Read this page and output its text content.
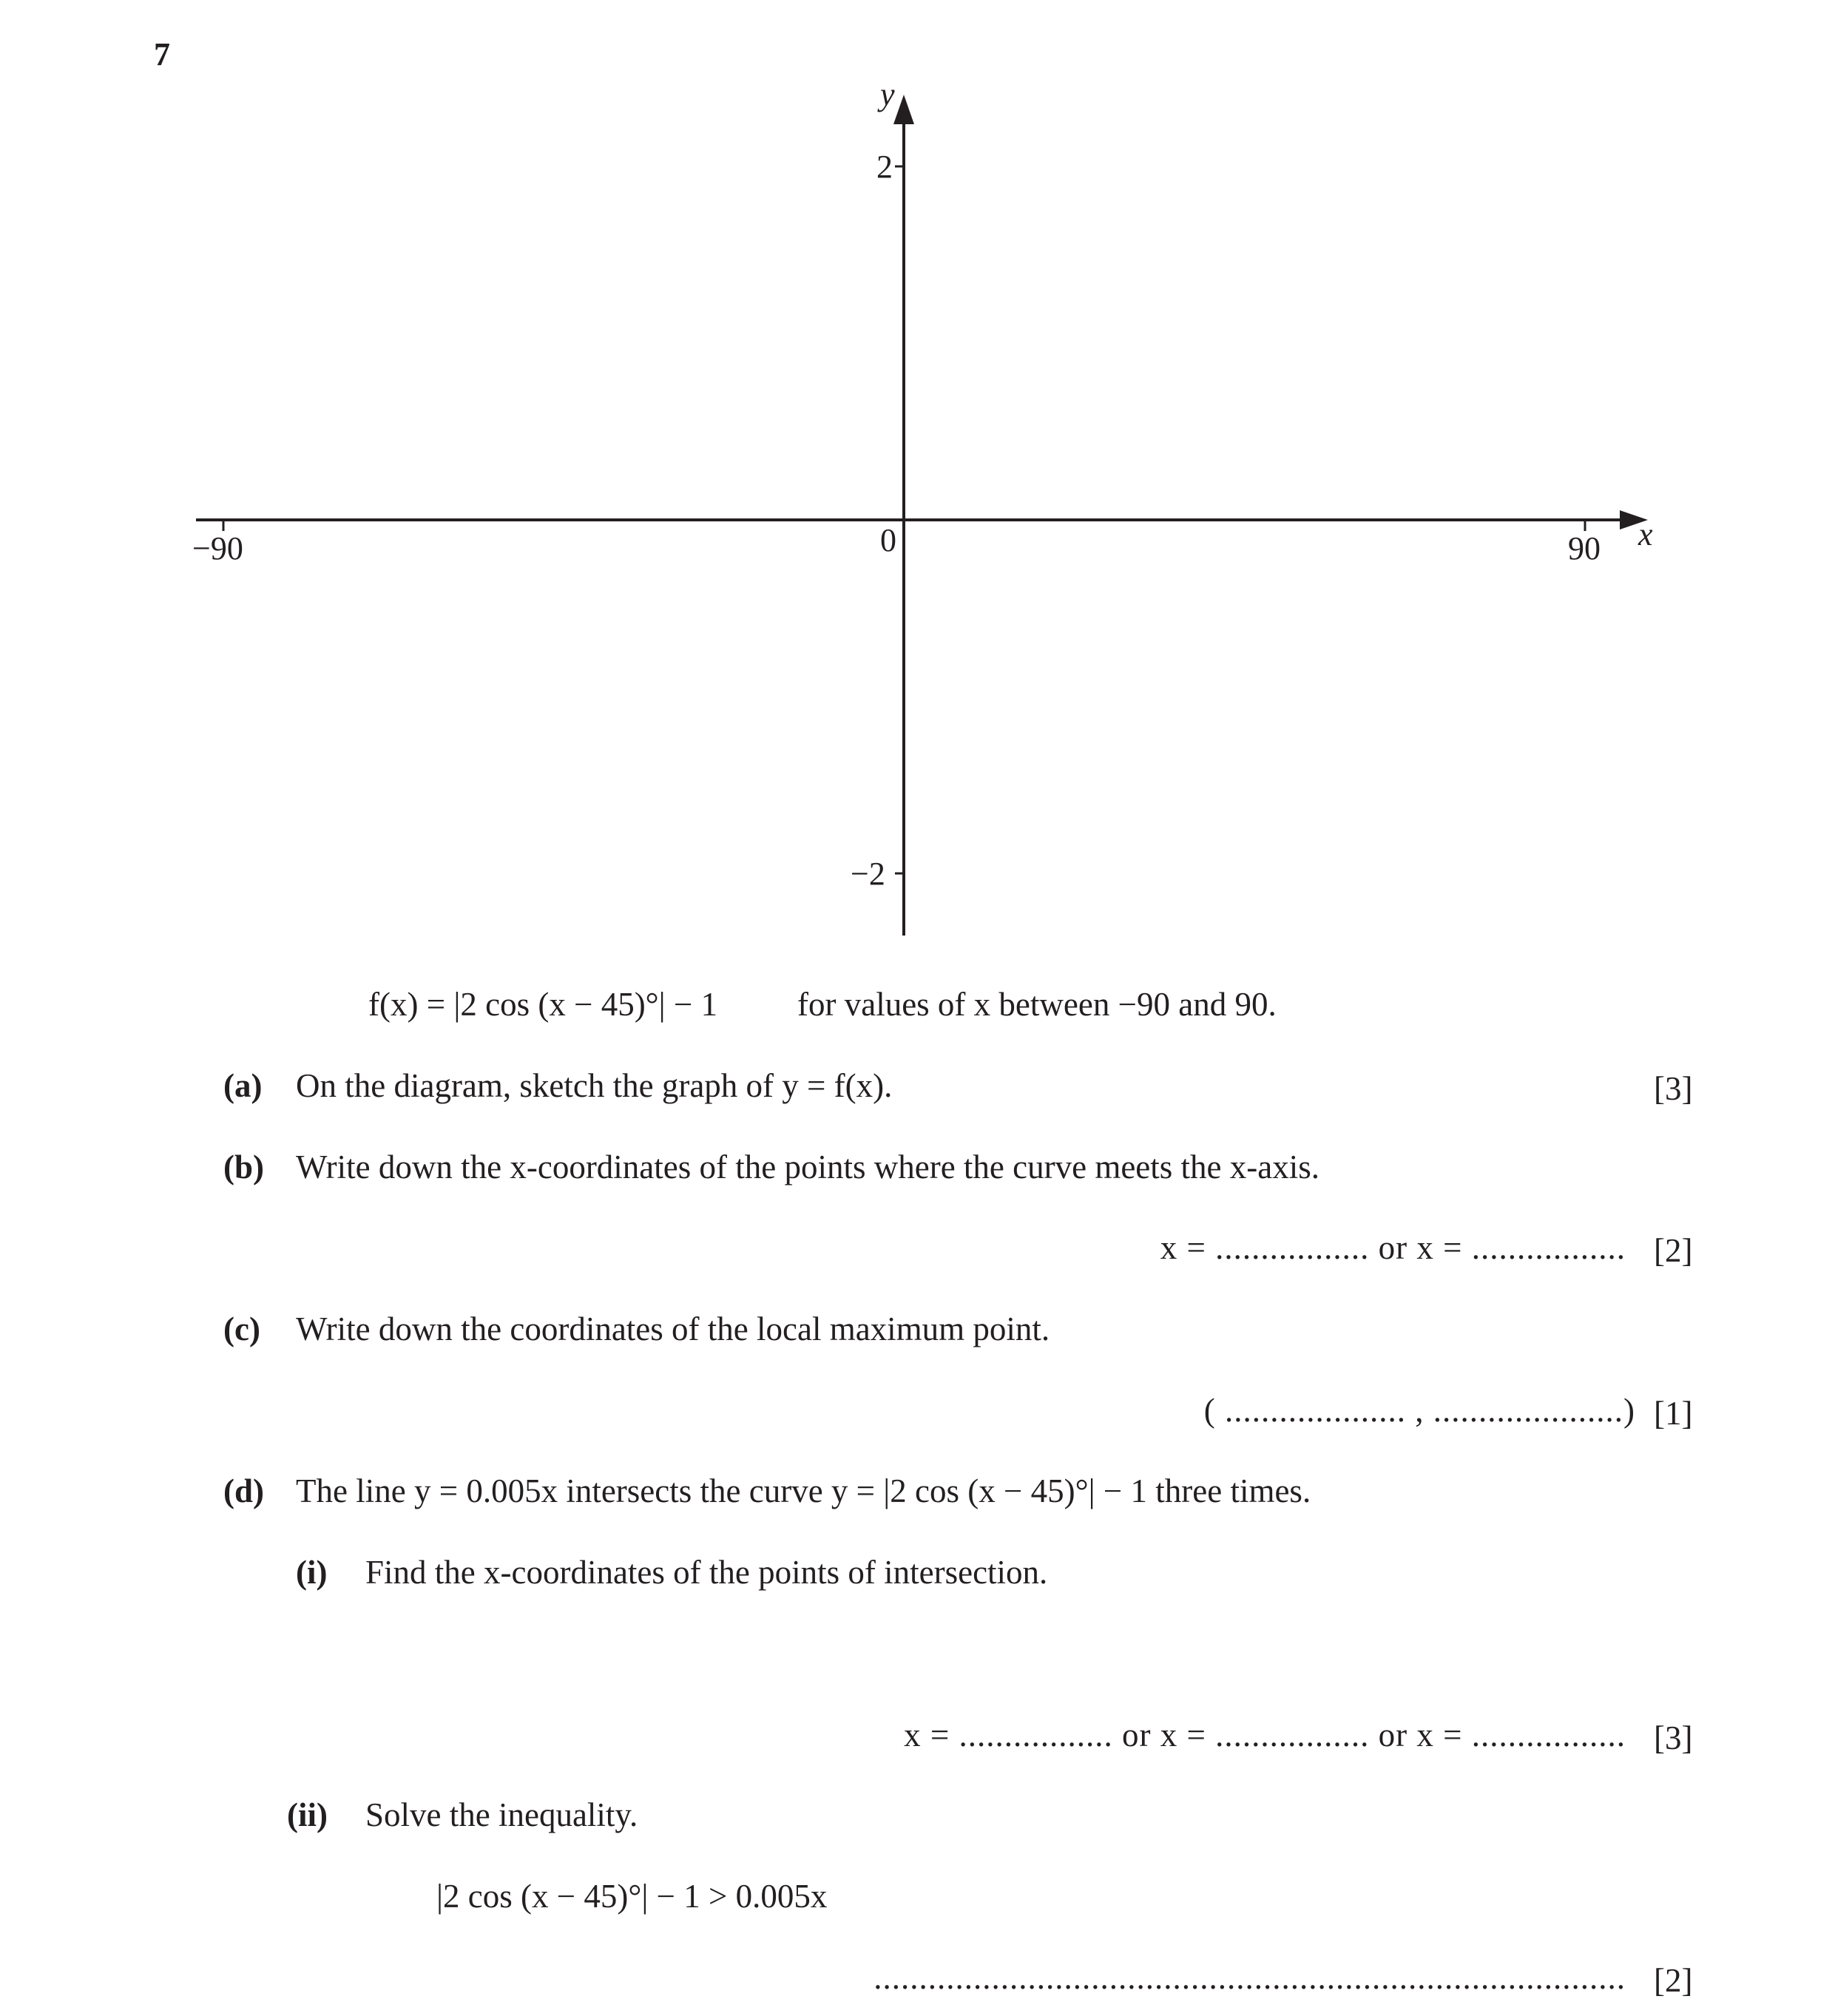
7
y
x
2
−2
−90	0	90
f(x) = |2 cos (x − 45)°| − 1 for values of x between −90 and 90.
(a) On the diagram, sketch the graph of y = f(x).	[3]
(b) Write down the x-coordinates of the points where the curve meets the x-axis.
x = ................. or x = ................. [2]
(c) Write down the coordinates of the local maximum point.
( .................... , .....................) [1]
(d) The line y = 0.005x intersects the curve y = |2 cos (x − 45)°| − 1 three times.
(i) Find the x-coordinates of the points of intersection.
x = ................. or x = ................. or x = ................. [3]
(ii) Solve the inequality.
|2 cos (x − 45)°| − 1 > 0.005x
................................................................................... [2]
